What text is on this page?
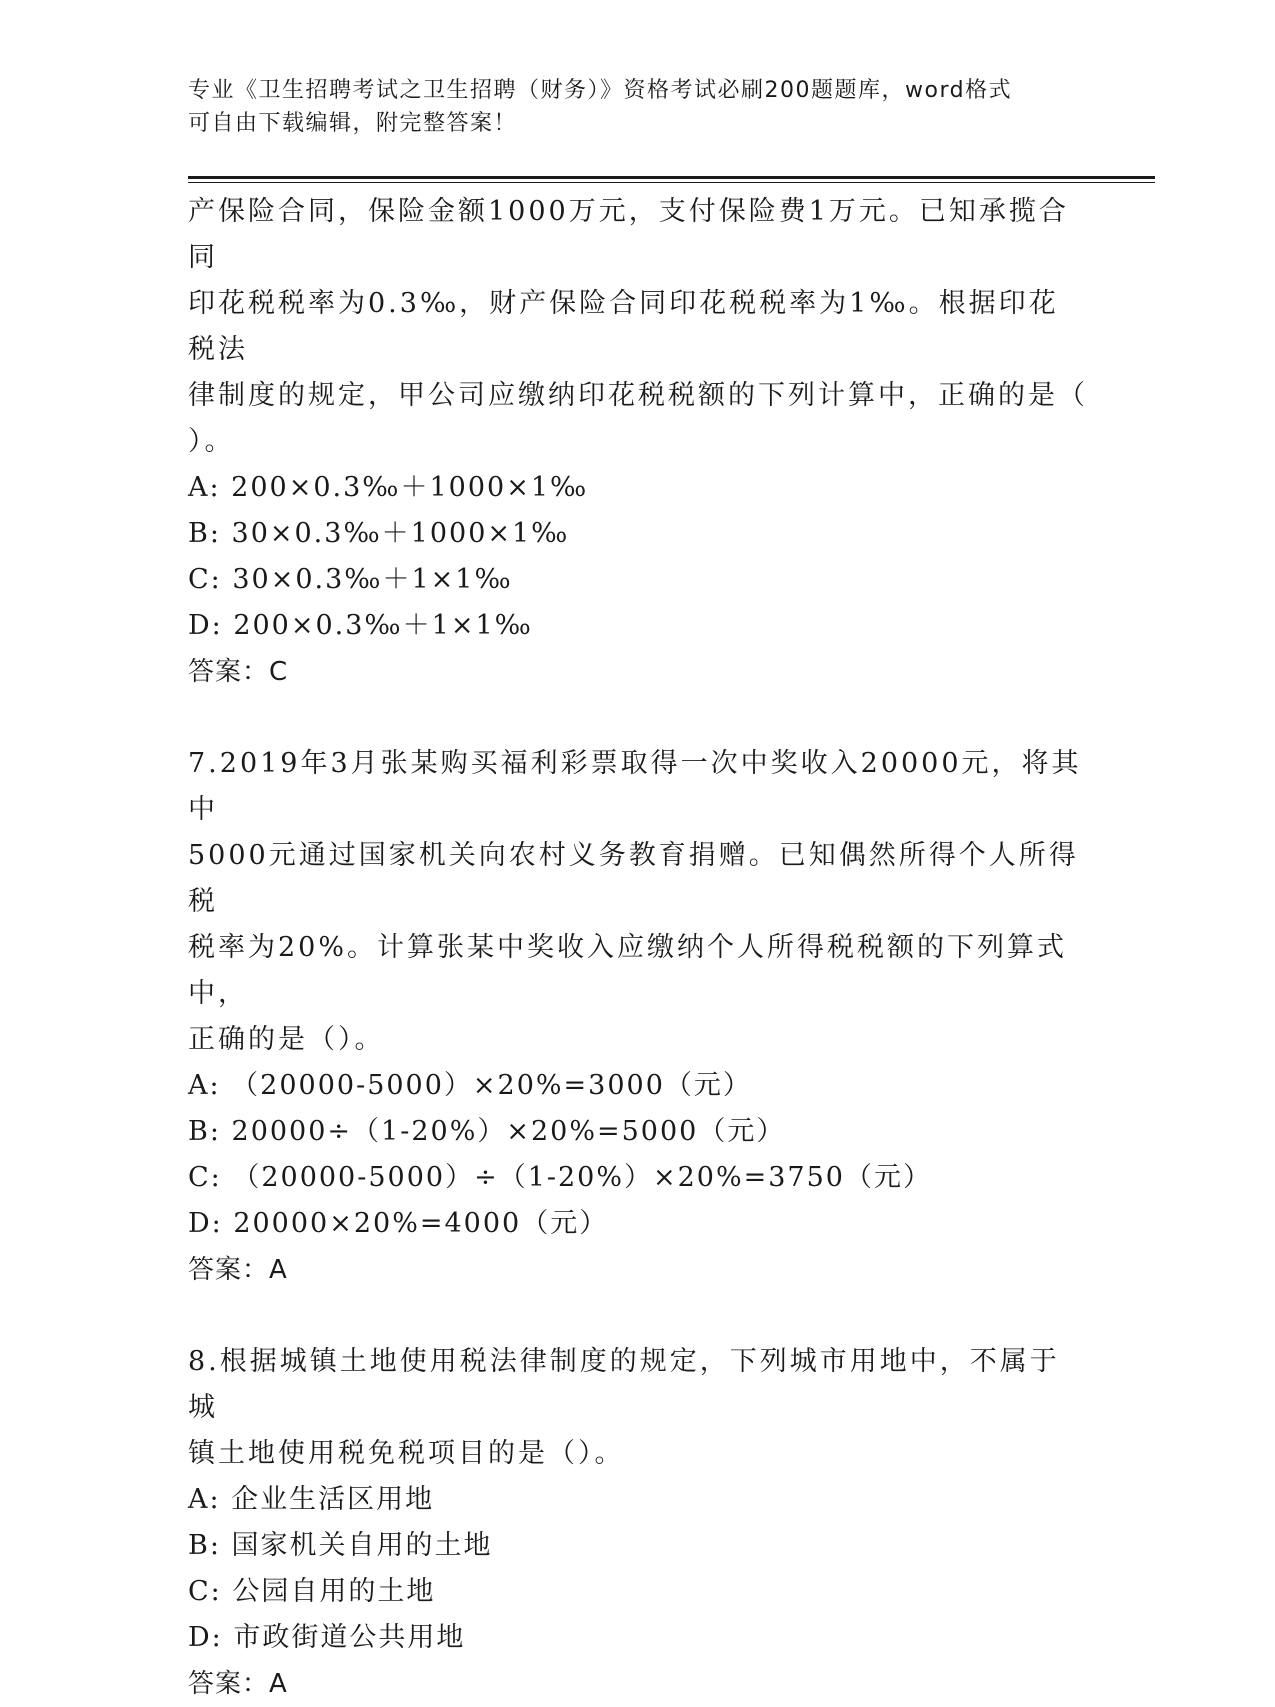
专业《卫生招聘考试之卫生招聘（财务）》资格考试必刷200题题库，word格式
可自由下载编辑，附完整答案！

产保险合同，保险金额1000万元，支付保险费1万元。已知承揽合同

印花税税率为0.3‰，财产保险合同印花税税率为1‰。根据印花税法

律制度的规定，甲公司应缴纳印花税税额的下列计算中，正确的是（

）。

A: 200×0.3‰＋1000×1‰

B: 30×0.3‰＋1000×1‰

C: 30×0.3‰＋1×1‰

D: 200×0.3‰＋1×1‰

答案：C

7.2019年3月张某购买福利彩票取得一次中奖收入20000元，将其中

5000元通过国家机关向农村义务教育捐赠。已知偶然所得个人所得税

税率为20%。计算张某中奖收入应缴纳个人所得税税额的下列算式中，

正确的是（）。

A: （20000-5000）×20%=3000（元）

B: 20000÷（1-20%）×20%=5000（元）

C: （20000-5000）÷（1-20%）×20%=3750（元）

D: 20000×20%=4000（元）

答案：A

8.根据城镇土地使用税法律制度的规定，下列城市用地中，不属于城

镇土地使用税免税项目的是（）。

A: 企业生活区用地

B: 国家机关自用的土地

C: 公园自用的土地

D: 市政街道公共用地

答案：A
